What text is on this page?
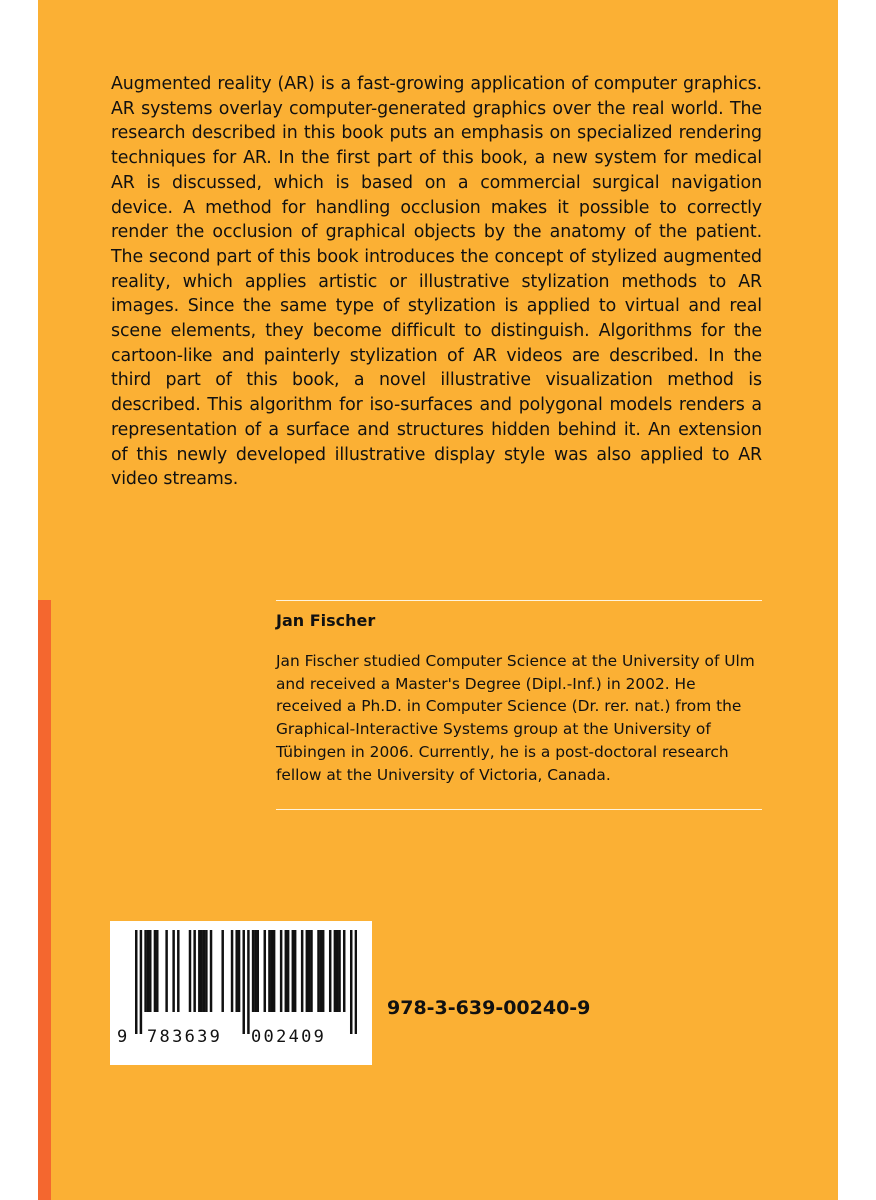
Augmented reality (AR) is a fast-growing application of computer graphics. AR systems overlay computer-generated graphics over the real world. The research described in this book puts an emphasis on specialized rendering techniques for AR. In the first part of this book, a new system for medical AR is discussed, which is based on a commercial surgical navigation device. A method for handling occlusion makes it possible to correctly render the occlusion of graphical objects by the anatomy of the patient. The second part of this book introduces the concept of stylized augmented reality, which applies artistic or illustrative stylization methods to AR images. Since the same type of stylization is applied to virtual and real scene elements, they become difficult to distinguish. Algorithms for the cartoon-like and painterly stylization of AR videos are described. In the third part of this book, a novel illustrative visualization method is described. This algorithm for iso-surfaces and polygonal models renders a representation of a surface and structures hidden behind it. An extension of this newly developed illustrative display style was also applied to AR video streams.

Jan Fischer

Jan Fischer studied Computer Science at the University of Ulm and received a Master's Degree (Dipl.-Inf.) in 2002. He received a Ph.D. in Computer Science (Dr. rer. nat.) from the Graphical-Interactive Systems group at the University of Tübingen in 2006. Currently, he is a post-doctoral research fellow at the University of Victoria, Canada.

9 783639 002409

978-3-639-00240-9
